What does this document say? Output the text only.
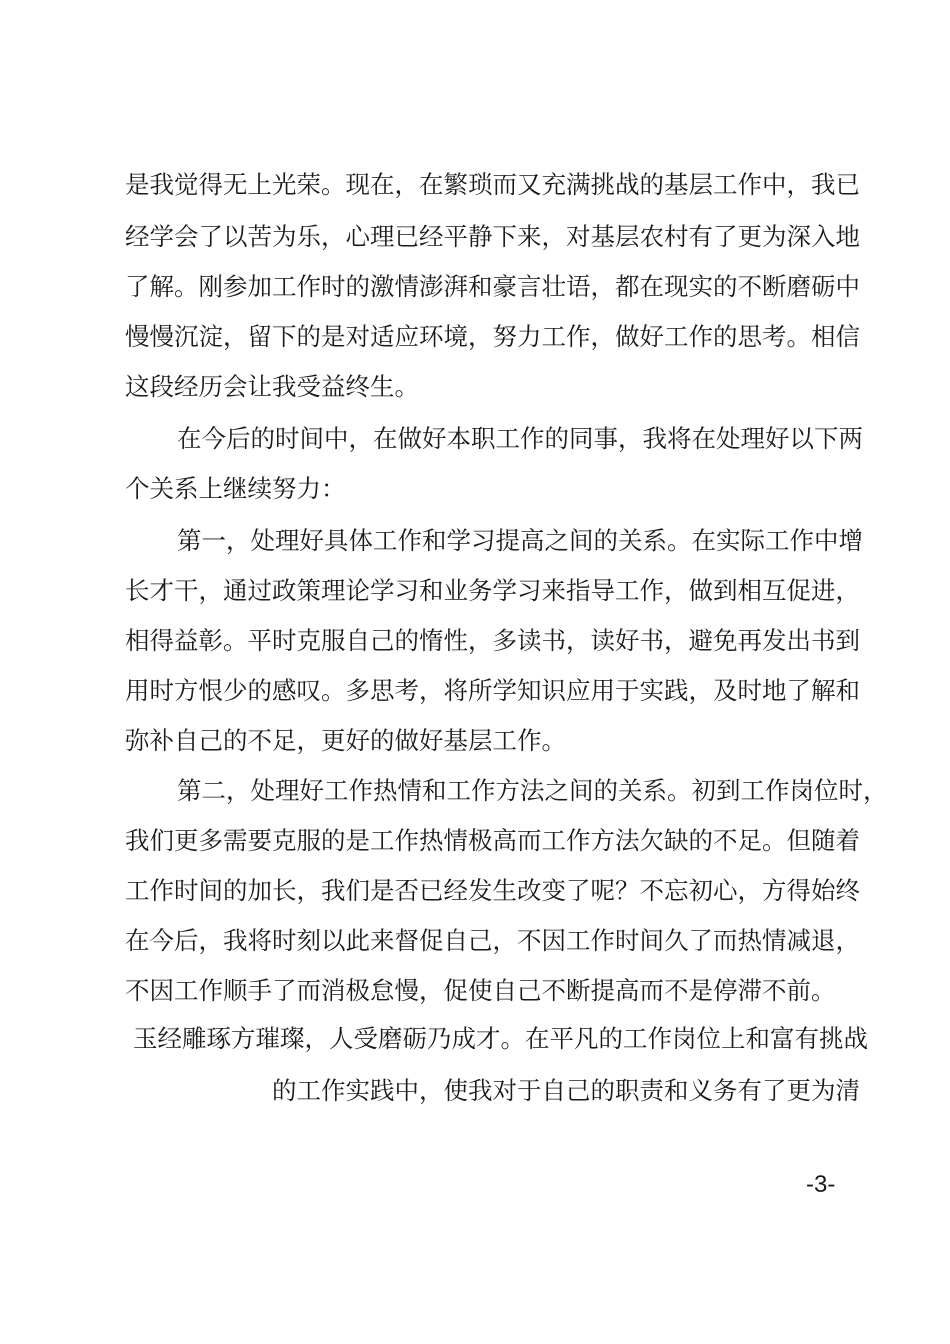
是我觉得无上光荣。现在，在繁琐而又充满挑战的基层工作中，我已
经学会了以苦为乐，心理已经平静下来，对基层农村有了更为深入地
了解。刚参加工作时的激情澎湃和豪言壮语，都在现实的不断磨砺中
慢慢沉淀，留下的是对适应环境，努力工作，做好工作的思考。相信
这段经历会让我受益终生。
在今后的时间中，在做好本职工作的同事，我将在处理好以下两
个关系上继续努力：
第一，处理好具体工作和学习提高之间的关系。在实际工作中增
长才干，通过政策理论学习和业务学习来指导工作，做到相互促进，
相得益彰。平时克服自己的惰性，多读书，读好书，避免再发出书到
用时方恨少的感叹。多思考，将所学知识应用于实践，及时地了解和
弥补自己的不足，更好的做好基层工作。
第二，处理好工作热情和工作方法之间的关系。初到工作岗位时，
我们更多需要克服的是工作热情极高而工作方法欠缺的不足。但随着
工作时间的加长，我们是否已经发生改变了呢？不忘初心，方得始终
在今后，我将时刻以此来督促自己，不因工作时间久了而热情减退，
不因工作顺手了而消极怠慢，促使自己不断提高而不是停滞不前。
玉经雕琢方璀璨，人受磨砺乃成才。在平凡的工作岗位上和富有挑战
的工作实践中，使我对于自己的职责和义务有了更为清
-3-
